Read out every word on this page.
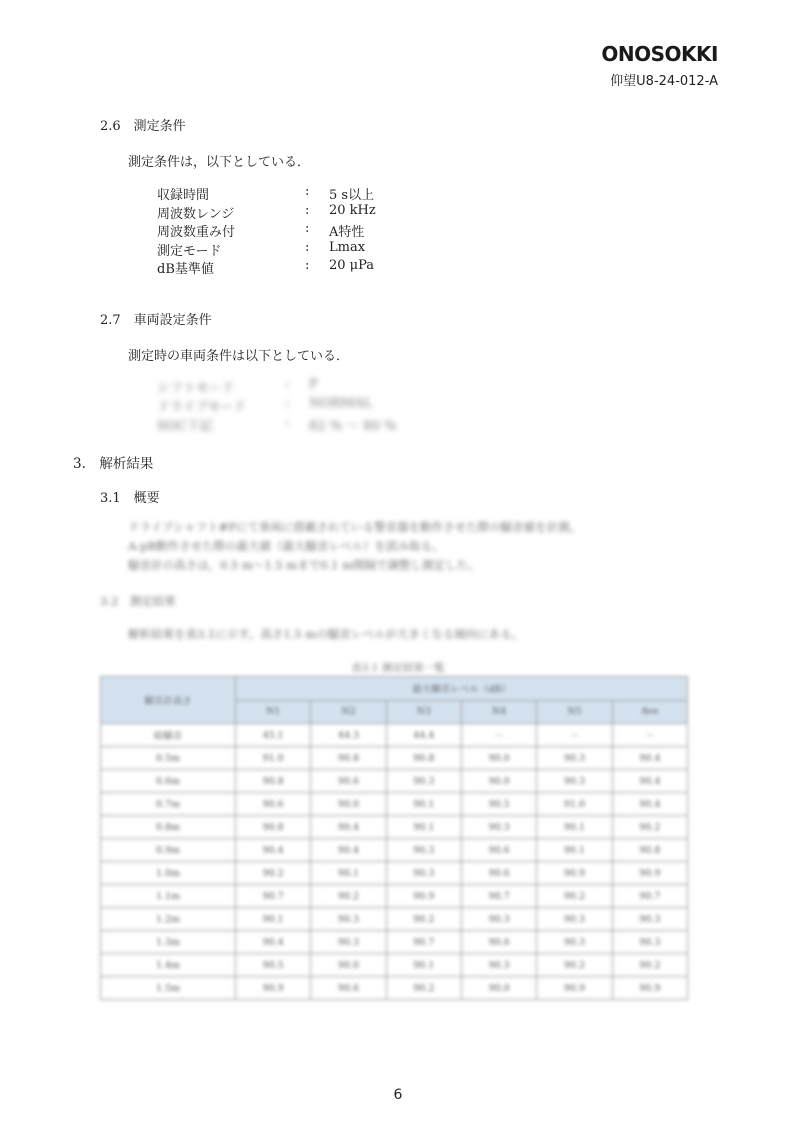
ONOSOKKI
仰望U8-24-012-A
2.6　測定条件
測定条件は，以下としている．
収録時間	:	5 s以上
周波数レンジ	:	20 kHz
周波数重み付	:	A特性
測定モード	:	Lmax
dB基準値	:	20 μPa
2.7　車両設定条件
測定時の車両条件は以下としている．
シフトモード	:	P
ドライブモード	:	NORMAL
SOC下記	:	82 % ～ 80 %
3.　解析結果
3.1　概要
ドライブシャフト#Pにて車両に搭載されている警音器を動作させた際の騒音値を計測。
A-pB動作させた際の最大値（最大騒音レベル）を読み取る。
騒音計の高さは，0.5 m～1.5 mまで0.1 m間隔で調整し測定した。
3.2　測定結果
解析結果を表3.1に示す。高さ1.5 mの騒音レベルが大きくなる傾向にある。
表3.1 測定結果一覧
騒音計高さ	最大騒音レベル（dB）					
	N1	N2	N3	N4	N5	Ave
暗騒音	45.1	44.3	44.4	－	－	－
0.5m	91.0	90.8	90.8	90.0	90.3	90.4
0.6m	90.8	90.6	90.3	90.0	90.3	90.4
0.7m	90.6	90.0	90.1	90.5	91.0	90.4
0.8m	90.8	90.4	90.1	90.3	90.1	90.2
0.9m	90.4	90.4	90.3	90.6	90.1	90.8
1.0m	90.2	90.1	90.3	90.6	90.9	90.9
1.1m	90.7	90.2	90.9	90.7	90.2	90.7
1.2m	90.1	90.3	90.2	90.3	90.3	90.3
1.3m	90.4	90.3	90.7	90.6	90.3	90.3
1.4m	90.5	90.0	90.1	90.3	90.2	90.2
1.5m	90.9	90.6	90.2	90.0	90.9	90.9
6
